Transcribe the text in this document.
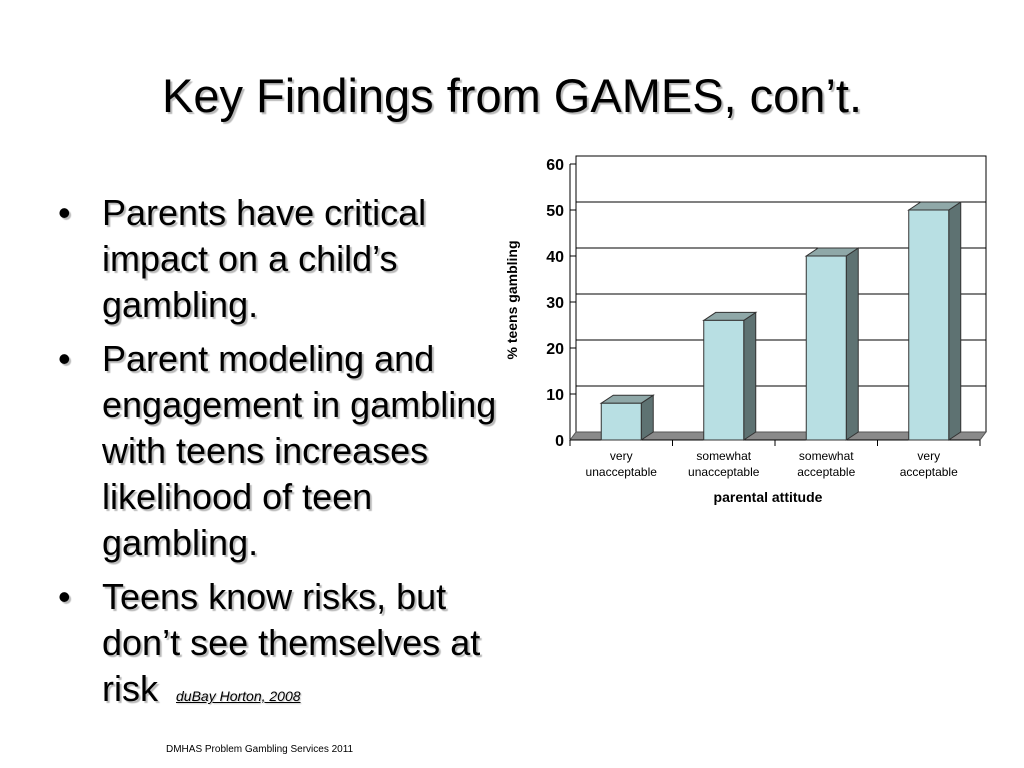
Key Findings from GAMES, con’t.
• Parents have critical impact on a child’s gambling.
• Parent modeling and engagement in gambling with teens increases likelihood of teen gambling.
• Teens know risks, but don’t see themselves at risk duBay Horton, 2008
0
10
20
30
40
50
60
very
unacceptable
somewhat
unacceptable
somewhat
acceptable
very
acceptable
parental attitude
% teens gambling
DMHAS Problem Gambling Services 2011
